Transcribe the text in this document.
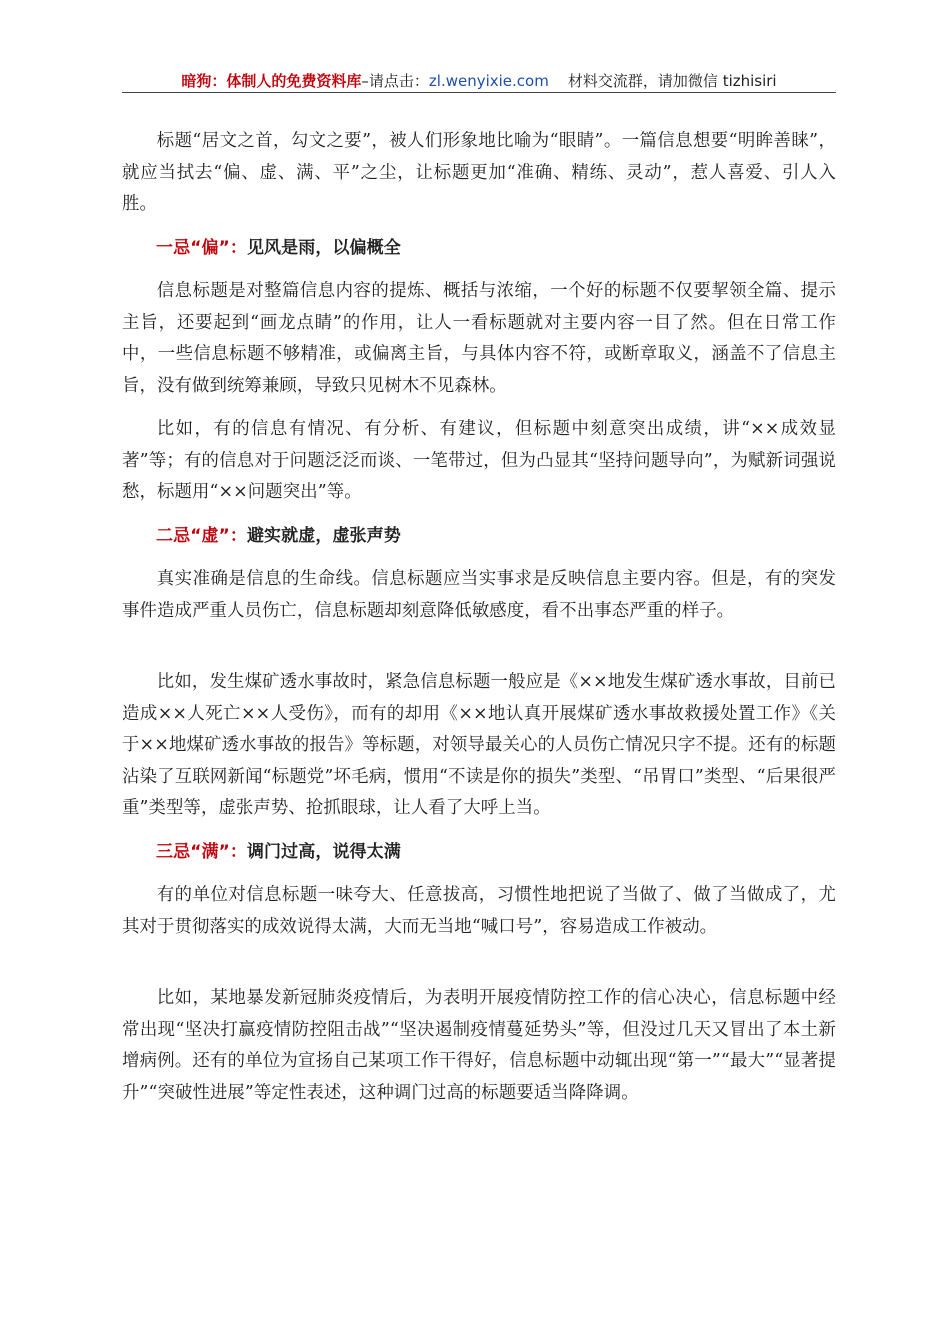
暗狗：体制人的免费资料库–请点击：zl.wenyixie.com 材料交流群，请加微信 tizhisiri

标题“居文之首，勾文之要”，被人们形象地比喻为“眼睛”。一篇信息想要“明眸善睐”，就应当拭去“偏、虚、满、平”之尘，让标题更加“准确、精练、灵动”，惹人喜爱、引人入胜。

一忌“偏”：见风是雨，以偏概全

信息标题是对整篇信息内容的提炼、概括与浓缩，一个好的标题不仅要挈领全篇、提示主旨，还要起到“画龙点睛”的作用，让人一看标题就对主要内容一目了然。但在日常工作中，一些信息标题不够精准，或偏离主旨，与具体内容不符，或断章取义，涵盖不了信息主旨，没有做到统筹兼顾，导致只见树木不见森林。

比如，有的信息有情况、有分析、有建议，但标题中刻意突出成绩，讲“××成效显著”等；有的信息对于问题泛泛而谈、一笔带过，但为凸显其“坚持问题导向”，为赋新词强说愁，标题用“××问题突出”等。

二忌“虚”：避实就虚，虚张声势

真实准确是信息的生命线。信息标题应当实事求是反映信息主要内容。但是，有的突发事件造成严重人员伤亡，信息标题却刻意降低敏感度，看不出事态严重的样子。

比如，发生煤矿透水事故时，紧急信息标题一般应是《××地发生煤矿透水事故，目前已造成××人死亡××人受伤》，而有的却用《××地认真开展煤矿透水事故救援处置工作》《关于××地煤矿透水事故的报告》等标题，对领导最关心的人员伤亡情况只字不提。还有的标题沾染了互联网新闻“标题党”坏毛病，惯用“不读是你的损失”类型、“吊胃口”类型、“后果很严重”类型等，虚张声势、抢抓眼球，让人看了大呼上当。

三忌“满”：调门过高，说得太满

有的单位对信息标题一味夸大、任意拔高，习惯性地把说了当做了、做了当做成了，尤其对于贯彻落实的成效说得太满，大而无当地“喊口号”，容易造成工作被动。

比如，某地暴发新冠肺炎疫情后，为表明开展疫情防控工作的信心决心，信息标题中经常出现“坚决打赢疫情防控阻击战”“坚决遏制疫情蔓延势头”等，但没过几天又冒出了本土新增病例。还有的单位为宣扬自己某项工作干得好，信息标题中动辄出现“第一”“最大”“显著提升”“突破性进展”等定性表述，这种调门过高的标题要适当降降调。
